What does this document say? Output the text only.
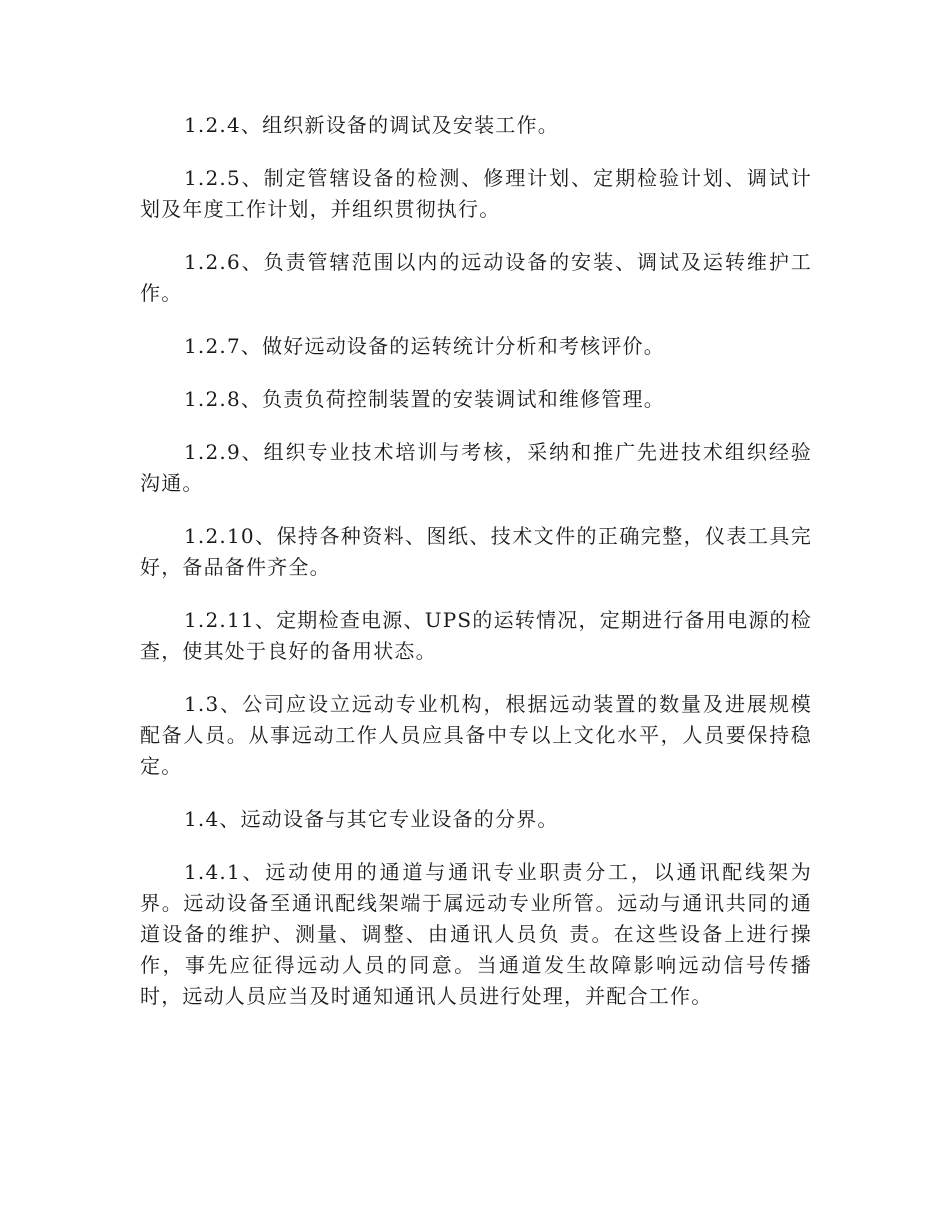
1.2.4、组织新设备的调试及安装工作。

1.2.5、制定管辖设备的检测、修理计划、定期检验计划、调试计划及年度工作计划，并组织贯彻执行。

1.2.6、负责管辖范围以内的远动设备的安装、调试及运转维护工作。

1.2.7、做好远动设备的运转统计分析和考核评价。

1.2.8、负责负荷控制装置的安装调试和维修管理。

1.2.9、组织专业技术培训与考核，采纳和推广先进技术组织经验沟通。

1.2.10、保持各种资料、图纸、技术文件的正确完整，仪表工具完好，备品备件齐全。

1.2.11、定期检查电源、UPS的运转情况，定期进行备用电源的检查，使其处于良好的备用状态。

1.3、公司应设立远动专业机构，根据远动装置的数量及进展规模配备人员。从事远动工作人员应具备中专以上文化水平，人员要保持稳定。

1.4、远动设备与其它专业设备的分界。

1.4.1、远动使用的通道与通讯专业职责分工，以通讯配线架为界。远动设备至通讯配线架端于属远动专业所管。远动与通讯共同的通道设备的维护、测量、调整、由通讯人员负 责。在这些设备上进行操作，事先应征得远动人员的同意。当通道发生故障影响远动信号传播时，远动人员应当及时通知通讯人员进行处理，并配合工作。
